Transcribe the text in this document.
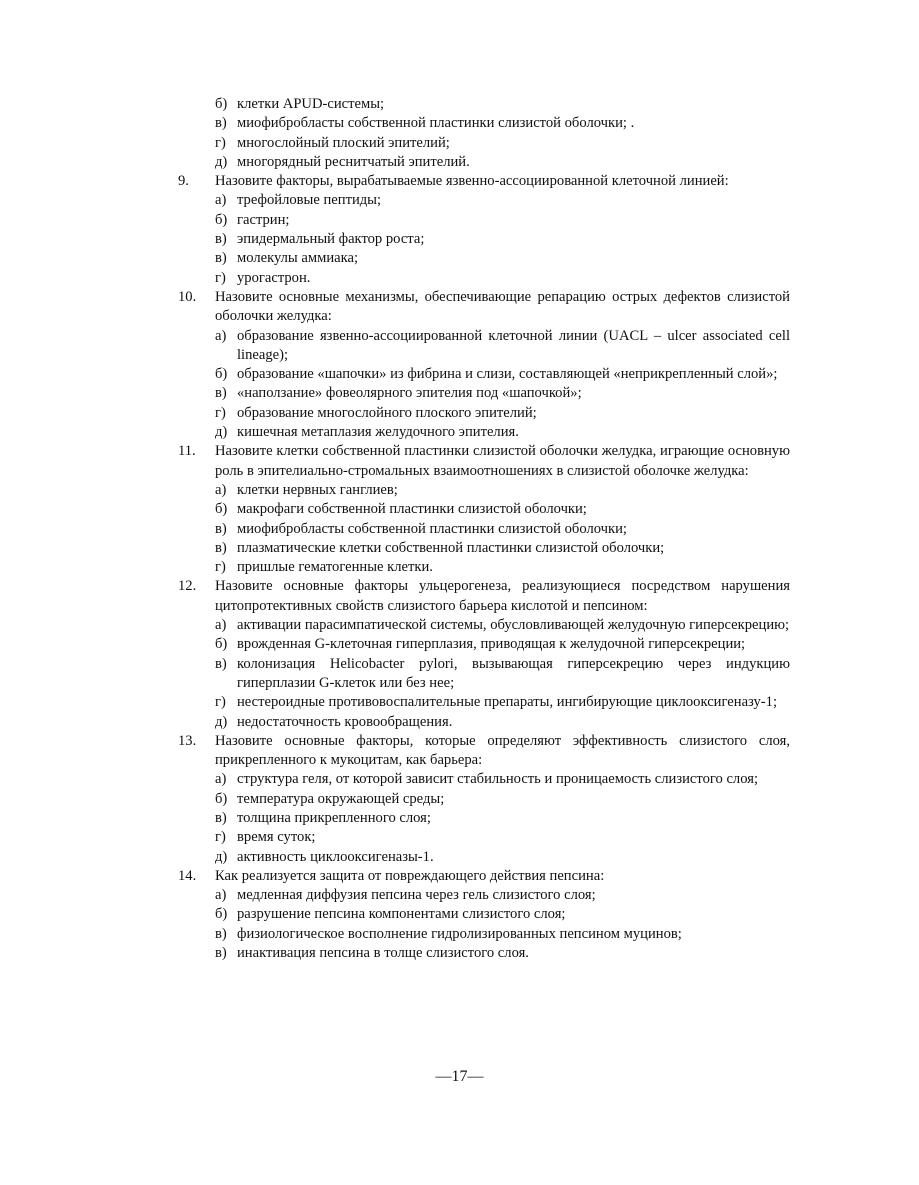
б) клетки APUD-системы;
в) миофибробласты собственной пластинки слизистой оболочки; .
г) многослойный плоский эпителий;
д) многорядный реснитчатый эпителий.
9.	Назовите факторы, вырабатываемые язвенно-ассоциированной клеточной линией:
а) трефойловые пептиды;
б) гастрин;
в) эпидермальный фактор роста;
в) молекулы аммиака;
г) урогастрон.
10.	Назовите основные механизмы, обеспечивающие репарацию острых дефектов слизистой оболочки желудка:
а) образование язвенно-ассоциированной клеточной линии (UACL – ulcer associated cell lineage);
б) образование «шапочки» из фибрина и слизи, составляющей «неприкрепленный слой»;
в) «наползание» фовеолярного эпителия под «шапочкой»;
г) образование многослойного плоского эпителий;
д) кишечная метаплазия желудочного эпителия.
11.	Назовите клетки собственной пластинки слизистой оболочки желудка, играющие основную роль в эпителиально-стромальных взаимоотношениях в слизистой оболочке желудка:
а) клетки нервных ганглиев;
б) макрофаги собственной пластинки слизистой оболочки;
в) миофибробласты собственной пластинки слизистой оболочки;
в) плазматические клетки собственной пластинки слизистой оболочки;
г) пришлые гематогенные клетки.
12.	Назовите основные факторы ульцерогенеза, реализующиеся посредством нарушения цитопротективных свойств слизистого барьера кислотой и пепсином:
а) активации парасимпатической системы, обусловливающей желудочную гиперсекрецию;
б) врожденная G-клеточная гиперплазия, приводящая к желудочной гиперсекреции;
в) колонизация Helicobacter pylori, вызывающая гиперсекрецию через индукцию гиперплазии G-клеток или без нее;
г) нестероидные противовоспалительные препараты, ингибирующие циклооксигеназу-1;
д) недостаточность кровообращения.
13.	Назовите основные факторы, которые определяют эффективность слизистого слоя, прикрепленного к мукоцитам, как барьера:
а) структура геля, от которой зависит стабильность и проницаемость слизистого слоя;
б) температура окружающей среды;
в) толщина прикрепленного слоя;
г) время суток;
д) активность циклооксигеназы-1.
14.	Как реализуется защита от повреждающего действия пепсина:
а) медленная диффузия пепсина через гель слизистого слоя;
б) разрушение пепсина компонентами слизистого слоя;
в) физиологическое восполнение гидролизированных пепсином муцинов;
в) инактивация пепсина в толще слизистого слоя.
—17—
